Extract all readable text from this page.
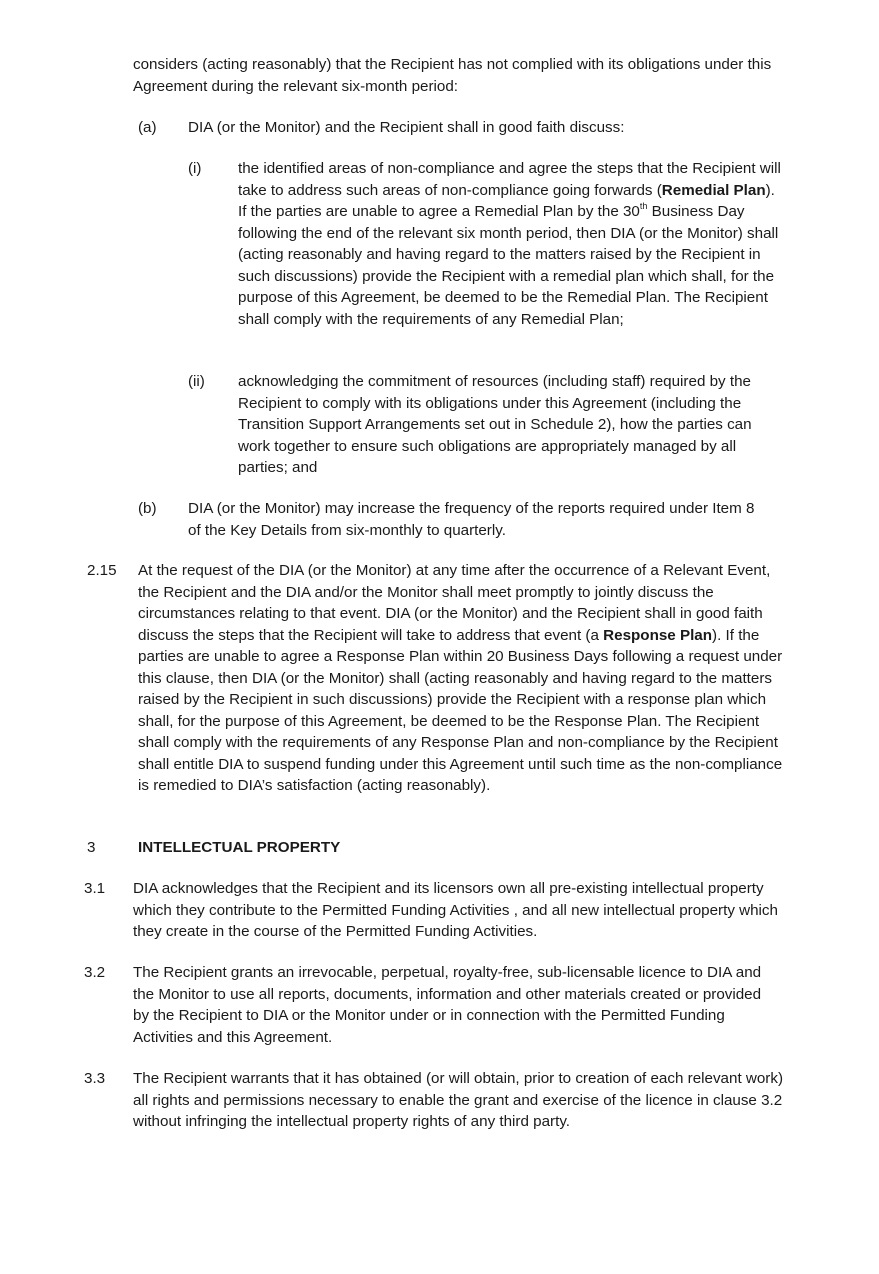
considers (acting reasonably) that the Recipient has not complied with its obligations under this Agreement during the relevant six-month period:

(a) DIA (or the Monitor) and the Recipient shall in good faith discuss:

(i) the identified areas of non-compliance and agree the steps that the Recipient will take to address such areas of non-compliance going forwards (Remedial Plan). If the parties are unable to agree a Remedial Plan by the 30th Business Day following the end of the relevant six month period, then DIA (or the Monitor) shall (acting reasonably and having regard to the matters raised by the Recipient in such discussions) provide the Recipient with a remedial plan which shall, for the purpose of this Agreement, be deemed to be the Remedial Plan. The Recipient shall comply with the requirements of any Remedial Plan;

(ii) acknowledging the commitment of resources (including staff) required by the Recipient to comply with its obligations under this Agreement (including the Transition Support Arrangements set out in Schedule 2), how the parties can work together to ensure such obligations are appropriately managed by all parties; and

(b) DIA (or the Monitor) may increase the frequency of the reports required under Item 8 of the Key Details from six-monthly to quarterly.

2.15 At the request of the DIA (or the Monitor) at any time after the occurrence of a Relevant Event, the Recipient and the DIA and/or the Monitor shall meet promptly to jointly discuss the circumstances relating to that event. DIA (or the Monitor) and the Recipient shall in good faith discuss the steps that the Recipient will take to address that event (a Response Plan). If the parties are unable to agree a Response Plan within 20 Business Days following a request under this clause, then DIA (or the Monitor) shall (acting reasonably and having regard to the matters raised by the Recipient in such discussions) provide the Recipient with a response plan which shall, for the purpose of this Agreement, be deemed to be the Response Plan. The Recipient shall comply with the requirements of any Response Plan and non-compliance by the Recipient shall entitle DIA to suspend funding under this Agreement until such time as the non-compliance is remedied to DIA’s satisfaction (acting reasonably).

3	INTELLECTUAL PROPERTY
3.1 DIA acknowledges that the Recipient and its licensors own all pre-existing intellectual property which they contribute to the Permitted Funding Activities , and all new intellectual property which they create in the course of the Permitted Funding Activities.

3.2 The Recipient grants an irrevocable, perpetual, royalty-free, sub-licensable licence to DIA and the Monitor to use all reports, documents, information and other materials created or provided by the Recipient to DIA or the Monitor under or in connection with the Permitted Funding Activities and this Agreement.

3.3 The Recipient warrants that it has obtained (or will obtain, prior to creation of each relevant work) all rights and permissions necessary to enable the grant and exercise of the licence in clause 3.2 without infringing the intellectual property rights of any third party.
